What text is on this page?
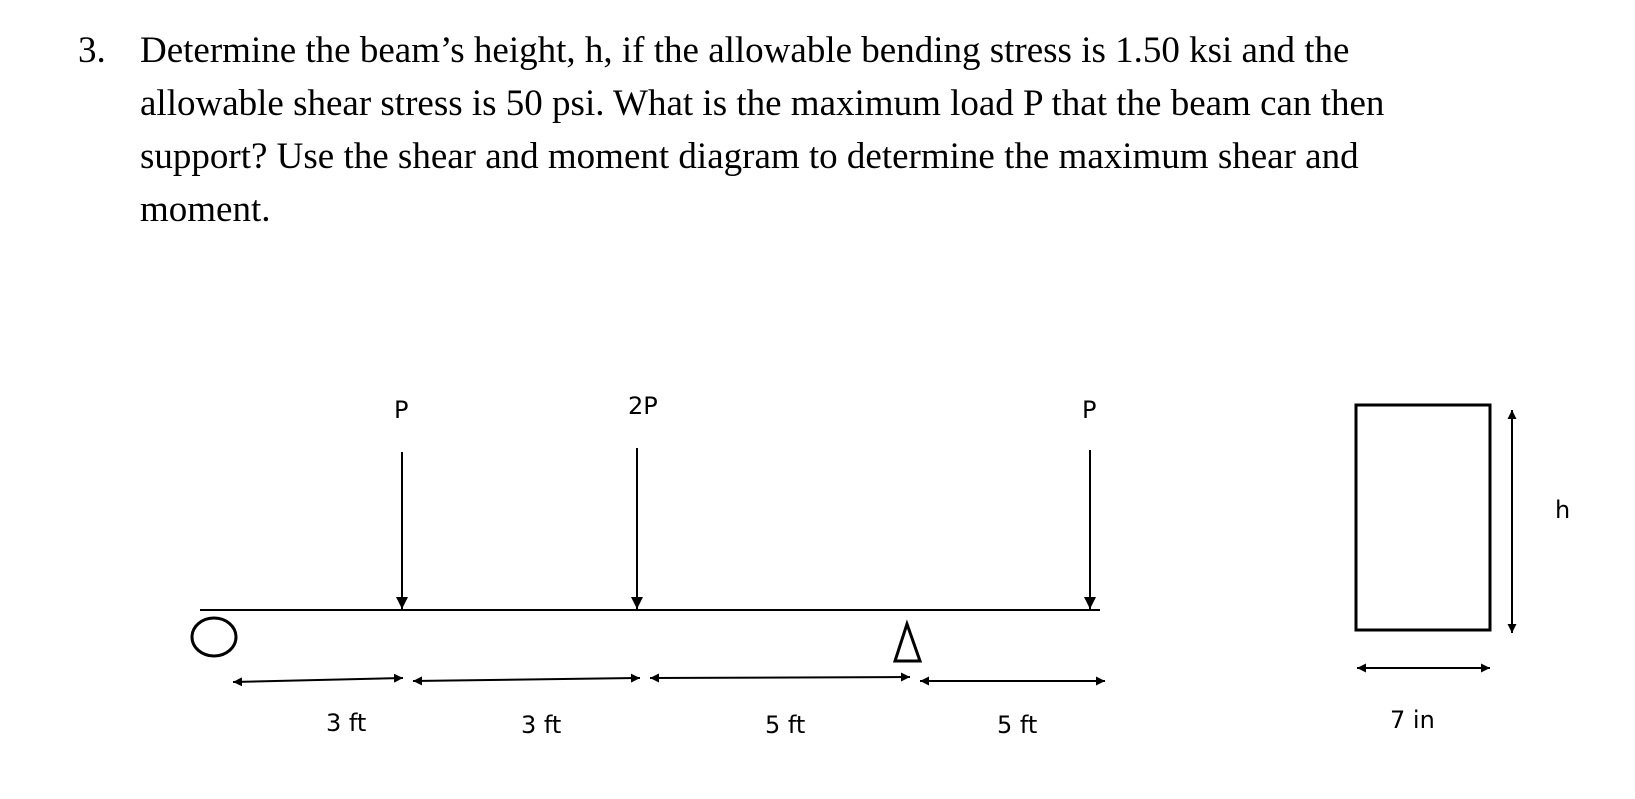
3. Determine the beam’s height, h, if the allowable bending stress is 1.50 ksi and the
allowable shear stress is 50 psi. What is the maximum load P that the beam can then
support? Use the shear and moment diagram to determine the maximum shear and
moment.
P	2P	P
3 ft	3 ft	5 ft	5 ft
h
7 in
